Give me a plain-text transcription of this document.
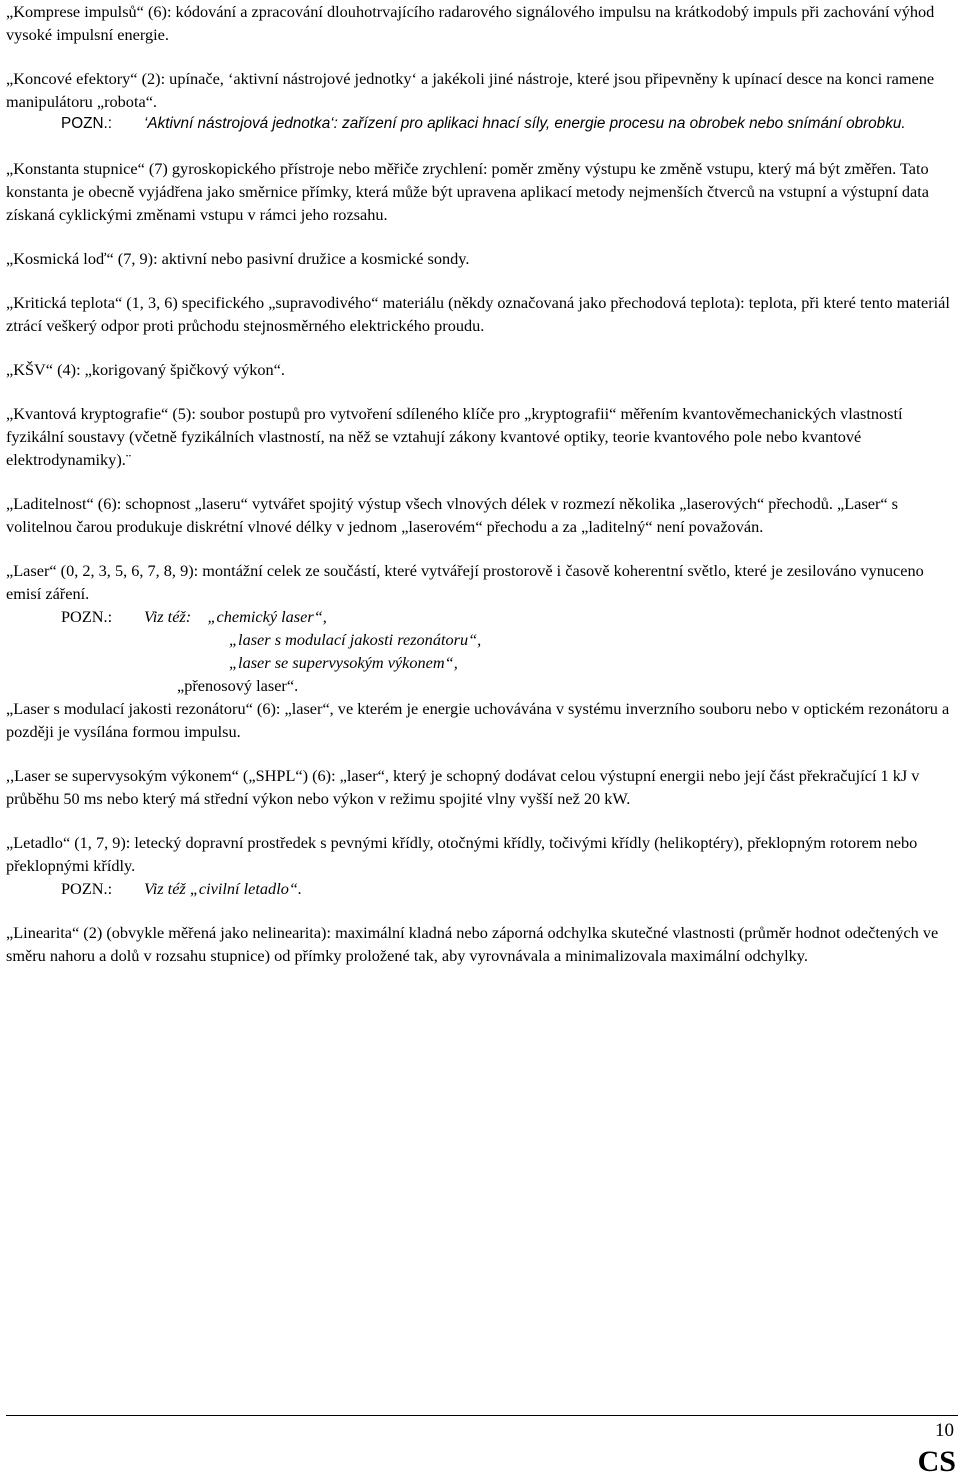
„Komprese impulsů“ (6): kódování a zpracování dlouhotrvajícího radarového signálového impulsu na krátkodobý impuls při zachování výhod vysoké impulsní energie.

„Koncové efektory“ (2): upínače, ‘aktivní nástrojové jednotky‘ a jakékoli jiné nástroje, které jsou připevněny k upínací desce na konci ramene manipulátoru „robota“.

POZN.:	‘Aktivní nástrojová jednotka‘: zařízení pro aplikaci hnací síly, energie procesu na obrobek nebo snímání obrobku.

„Konstanta stupnice“ (7) gyroskopického přístroje nebo měřiče zrychlení: poměr změny výstupu ke změně vstupu, který má být změřen. Tato konstanta je obecně vyjádřena jako směrnice přímky, která může být upravena aplikací metody nejmenších čtverců na vstupní a výstupní data získaná cyklickými změnami vstupu v rámci jeho rozsahu.

„Kosmická loď“ (7, 9): aktivní nebo pasivní družice a kosmické sondy.

„Kritická teplota“ (1, 3, 6) specifického „supravodivého“ materiálu (někdy označovaná jako přechodová teplota): teplota, při které tento materiál ztrácí veškerý odpor proti průchodu stejnosměrného elektrického proudu.

„KŠV“ (4): „korigovaný špičkový výkon“.

„Kvantová kryptografie“ (5): soubor postupů pro vytvoření sdíleného klíče pro „kryptografii“ měřením kvantověmechanických vlastností fyzikální soustavy (včetně fyzikálních vlastností, na něž se vztahují zákony kvantové optiky, teorie kvantového pole nebo kvantové elektrodynamiky).¨

„Laditelnost“ (6): schopnost „laseru“ vytvářet spojitý výstup všech vlnových délek v rozmezí několika „laserových“ přechodů. „Laser“ s volitelnou čarou produkuje diskrétní vlnové délky v jednom „laserovém“ přechodu a za „laditelný“ není považován.

„Laser“ (0, 2, 3, 5, 6, 7, 8, 9): montážní celek ze součástí, které vytvářejí prostorově i časově koherentní světlo, které je zesilováno vynuceno emisí záření.

POZN.:	Viz též: „chemický laser“,
„laser s modulací jakosti rezonátoru“,
„laser se supervysokým výkonem“,
„přenosový laser“.

„Laser s modulací jakosti rezonátoru“ (6): „laser“, ve kterém je energie uchovávána v systému inverzního souboru nebo v optickém rezonátoru a později je vysílána formou impulsu.

,,Laser se supervysokým výkonem“ („SHPL“) (6): „laser“, který je schopný dodávat celou výstupní energii nebo její část překračující 1 kJ v průběhu 50 ms nebo který má střední výkon nebo výkon v režimu spojité vlny vyšší než 20 kW.

„Letadlo“ (1, 7, 9): letecký dopravní prostředek s pevnými křídly, otočnými křídly, točivými křídly (helikoptéry), překlopným rotorem nebo překlopnými křídly.

POZN.:	Viz též „civilní letadlo“.

„Linearita“ (2) (obvykle měřená jako nelinearita): maximální kladná nebo záporná odchylka skutečné vlastnosti (průměr hodnot odečtených ve směru nahoru a dolů v rozsahu stupnice) od přímky proložené tak, aby vyrovnávala a minimalizovala maximální odchylky.

10
CS
